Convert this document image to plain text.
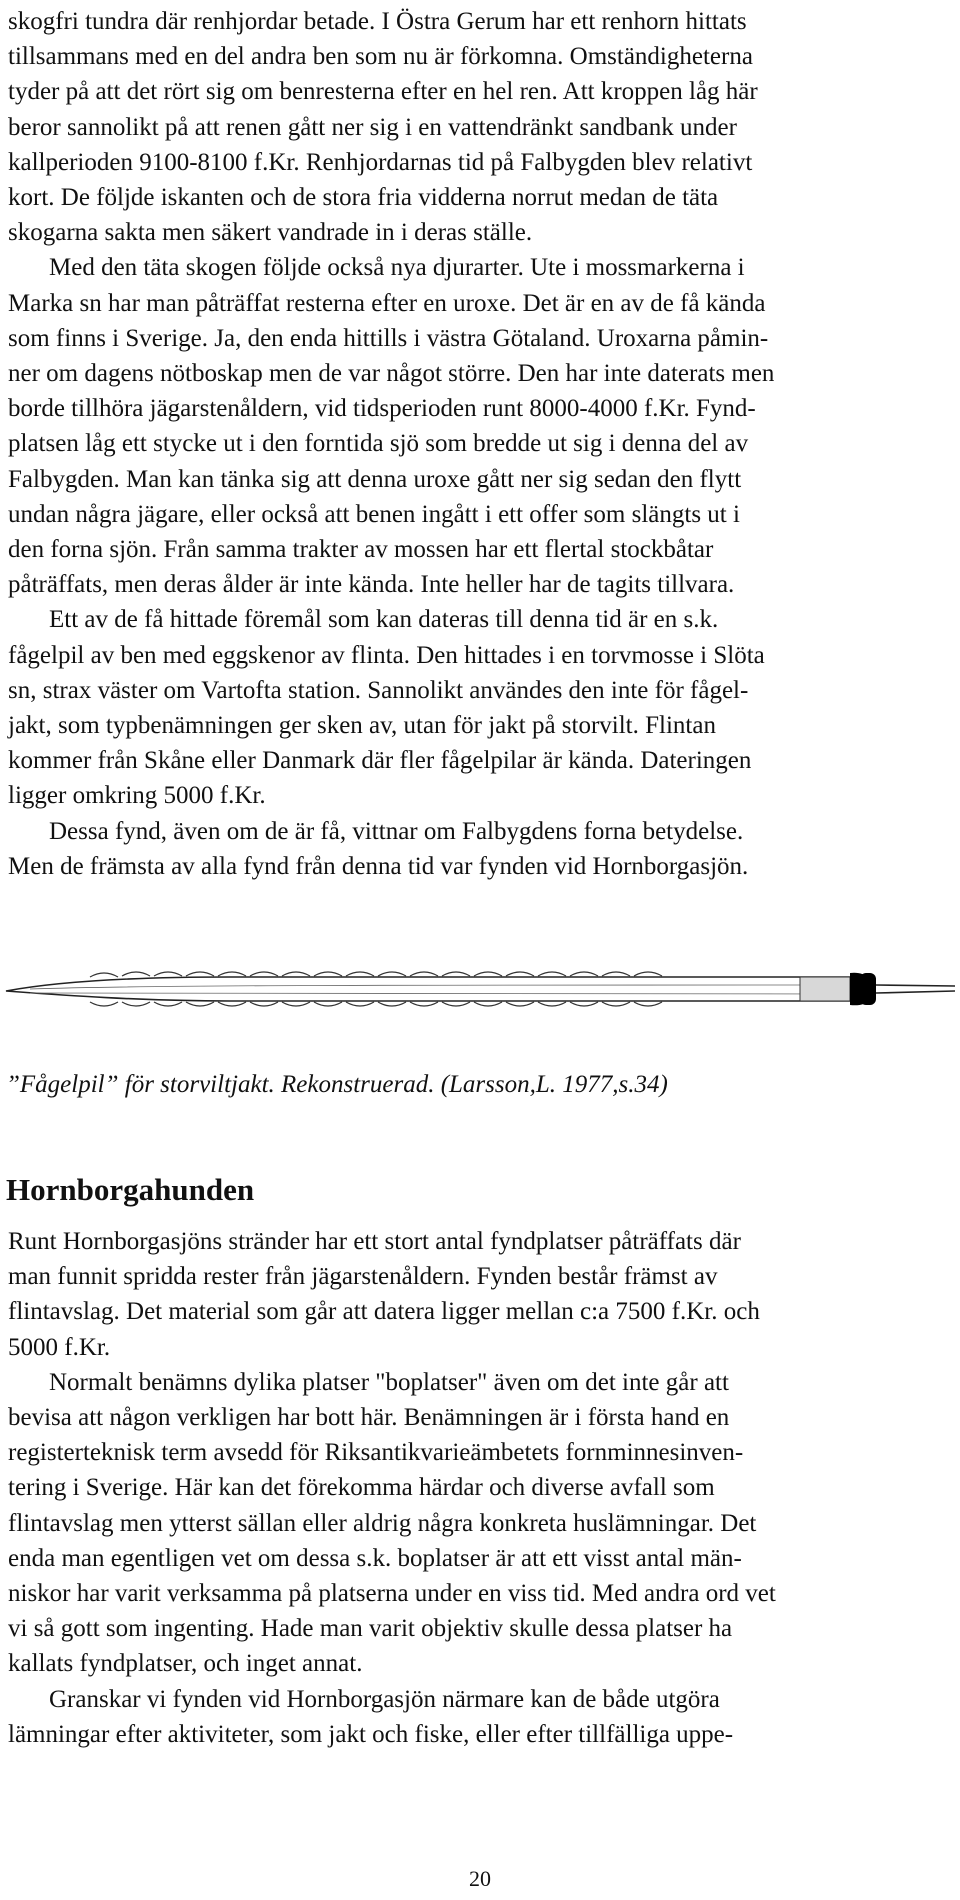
skogfri tundra där renhjordar betade. I Östra Gerum har ett renhorn hittats
tillsammans med en del andra ben som nu är förkomna. Omständigheterna
tyder på att det rört sig om benresterna efter en hel ren. Att kroppen låg här
beror sannolikt på att renen gått ner sig i en vattendränkt sandbank under
kallperioden 9100-8100 f.Kr. Renhjordarnas tid på Falbygden blev relativt
kort. De följde iskanten och de stora fria vidderna norrut medan de täta
skogarna sakta men säkert vandrade in i deras ställe.

Med den täta skogen följde också nya djurarter. Ute i mossmarkerna i
Marka sn har man påträffat resterna efter en uroxe. Det är en av de få kända
som finns i Sverige. Ja, den enda hittills i västra Götaland. Uroxarna påmin-
ner om dagens nötboskap men de var något större. Den har inte daterats men
borde tillhöra jägarstenåldern, vid tidsperioden runt 8000-4000 f.Kr. Fynd-
platsen låg ett stycke ut i den forntida sjö som bredde ut sig i denna del av
Falbygden. Man kan tänka sig att denna uroxe gått ner sig sedan den flytt
undan några jägare, eller också att benen ingått i ett offer som slängts ut i
den forna sjön. Från samma trakter av mossen har ett flertal stockbåtar
påträffats, men deras ålder är inte kända. Inte heller har de tagits tillvara.

Ett av de få hittade föremål som kan dateras till denna tid är en s.k.
fågelpil av ben med eggskenor av flinta. Den hittades i en torvmosse i Slöta
sn, strax väster om Vartofta station. Sannolikt användes den inte för fågel-
jakt, som typbenämningen ger sken av, utan för jakt på storvilt. Flintan
kommer från Skåne eller Danmark där fler fågelpilar är kända. Dateringen
ligger omkring 5000 f.Kr.

Dessa fynd, även om de är få, vittnar om Falbygdens forna betydelse.
Men de främsta av alla fynd från denna tid var fynden vid Hornborgasjön.

”Fågelpil” för storviltjakt. Rekonstruerad. (Larsson,L. 1977,s.34)
Hornborgahunden

Runt Hornborgasjöns stränder har ett stort antal fyndplatser påträffats där
man funnit spridda rester från jägarstenåldern. Fynden består främst av
flintavslag. Det material som går att datera ligger mellan c:a 7500 f.Kr. och
5000 f.Kr.

Normalt benämns dylika platser "boplatser" även om det inte går att
bevisa att någon verkligen har bott här. Benämningen är i första hand en
registerteknisk term avsedd för Riksantikvarieämbetets fornminnesinven-
tering i Sverige. Här kan det förekomma härdar och diverse avfall som
flintavslag men ytterst sällan eller aldrig några konkreta huslämningar. Det
enda man egentligen vet om dessa s.k. boplatser är att ett visst antal män-
niskor har varit verksamma på platserna under en viss tid. Med andra ord vet
vi så gott som ingenting. Hade man varit objektiv skulle dessa platser ha
kallats fyndplatser, och inget annat.

Granskar vi fynden vid Hornborgasjön närmare kan de både utgöra
lämningar efter aktiviteter, som jakt och fiske, eller efter tillfälliga uppe-

20
